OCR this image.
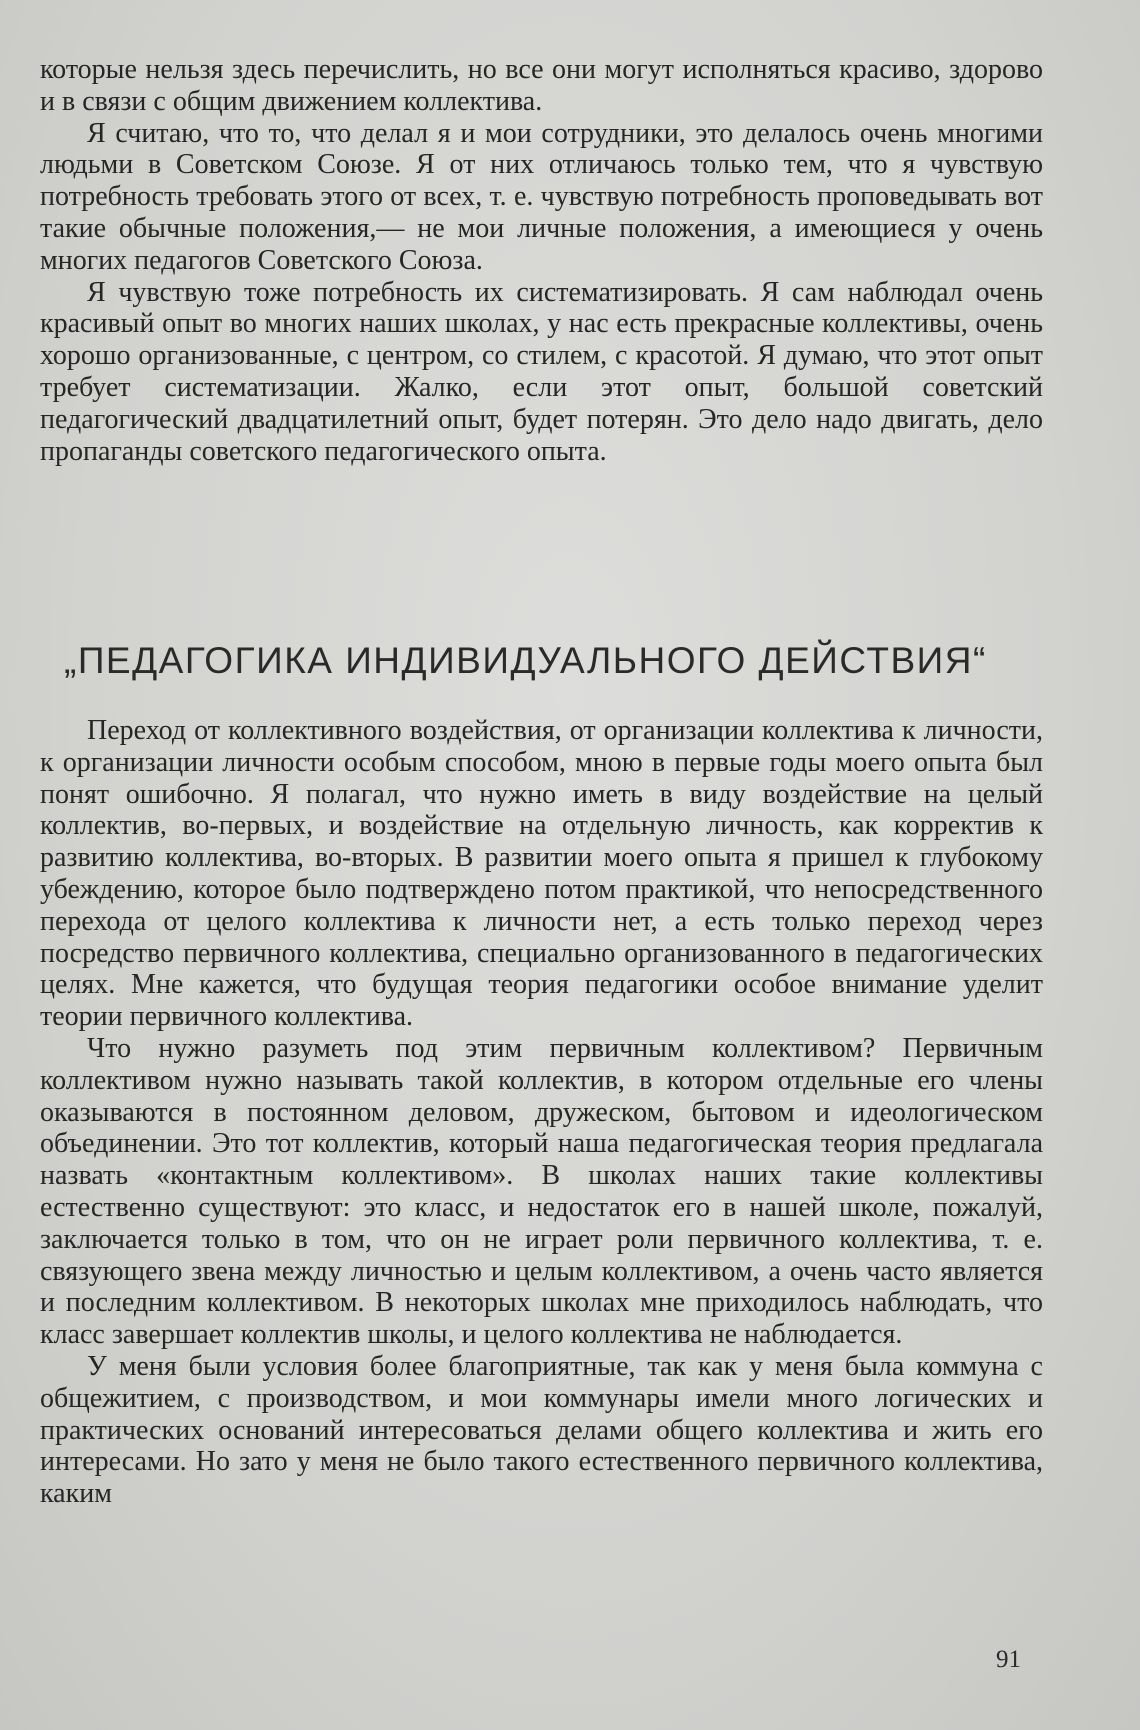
которые нельзя здесь перечислить, но все они могут исполняться красиво, здорово и в связи с общим движением коллектива.

Я считаю, что то, что делал я и мои сотрудники, это делалось очень многими людьми в Советском Союзе. Я от них отличаюсь только тем, что я чувствую потребность требовать этого от всех, т. е. чувствую потребность проповедывать вот такие обычные положения,— не мои личные положения, а имеющиеся у очень многих педагогов Советского Союза.

Я чувствую тоже потребность их систематизировать. Я сам наблюдал очень красивый опыт во многих наших школах, у нас есть прекрасные коллективы, очень хорошо организованные, с центром, со стилем, с красотой. Я думаю, что этот опыт требует систематизации. Жалко, если этот опыт, большой советский педагогический двадцатилетний опыт, будет потерян. Это дело надо двигать, дело пропаганды советского педагогического опыта.

„ПЕДАГОГИКА ИНДИВИДУАЛЬНОГО ДЕЙСТВИЯ“

Переход от коллективного воздействия, от организации коллектива к личности, к организации личности особым способом, мною в первые годы моего опыта был понят ошибочно. Я полагал, что нужно иметь в виду воздействие на целый коллектив, во-первых, и воздействие на отдельную личность, как корректив к развитию коллектива, во-вторых. В развитии моего опыта я пришел к глубокому убеждению, которое было подтверждено потом практикой, что непосредственного перехода от целого коллектива к личности нет, а есть только переход через посредство первичного коллектива, специально организованного в педагогических целях. Мне кажется, что будущая теория педагогики особое внимание уделит теории первичного коллектива.

Что нужно разуметь под этим первичным коллективом? Первичным коллективом нужно называть такой коллектив, в котором отдельные его члены оказываются в постоянном деловом, дружеском, бытовом и идеологическом объединении. Это тот коллектив, который наша педагогическая теория предлагала назвать «контактным коллективом». В школах наших такие коллективы естественно существуют: это класс, и недостаток его в нашей школе, пожалуй, заключается только в том, что он не играет роли первичного коллектива, т. е. связующего звена между личностью и целым коллективом, а очень часто является и последним коллективом. В некоторых школах мне приходилось наблюдать, что класс завершает коллектив школы, и целого коллектива не наблюдается.

У меня были условия более благоприятные, так как у меня была коммуна с общежитием, с производством, и мои коммунары имели много логических и практических оснований интересоваться делами общего коллектива и жить его интересами. Но зато у меня не было такого естественного первичного коллектива, каким

91
